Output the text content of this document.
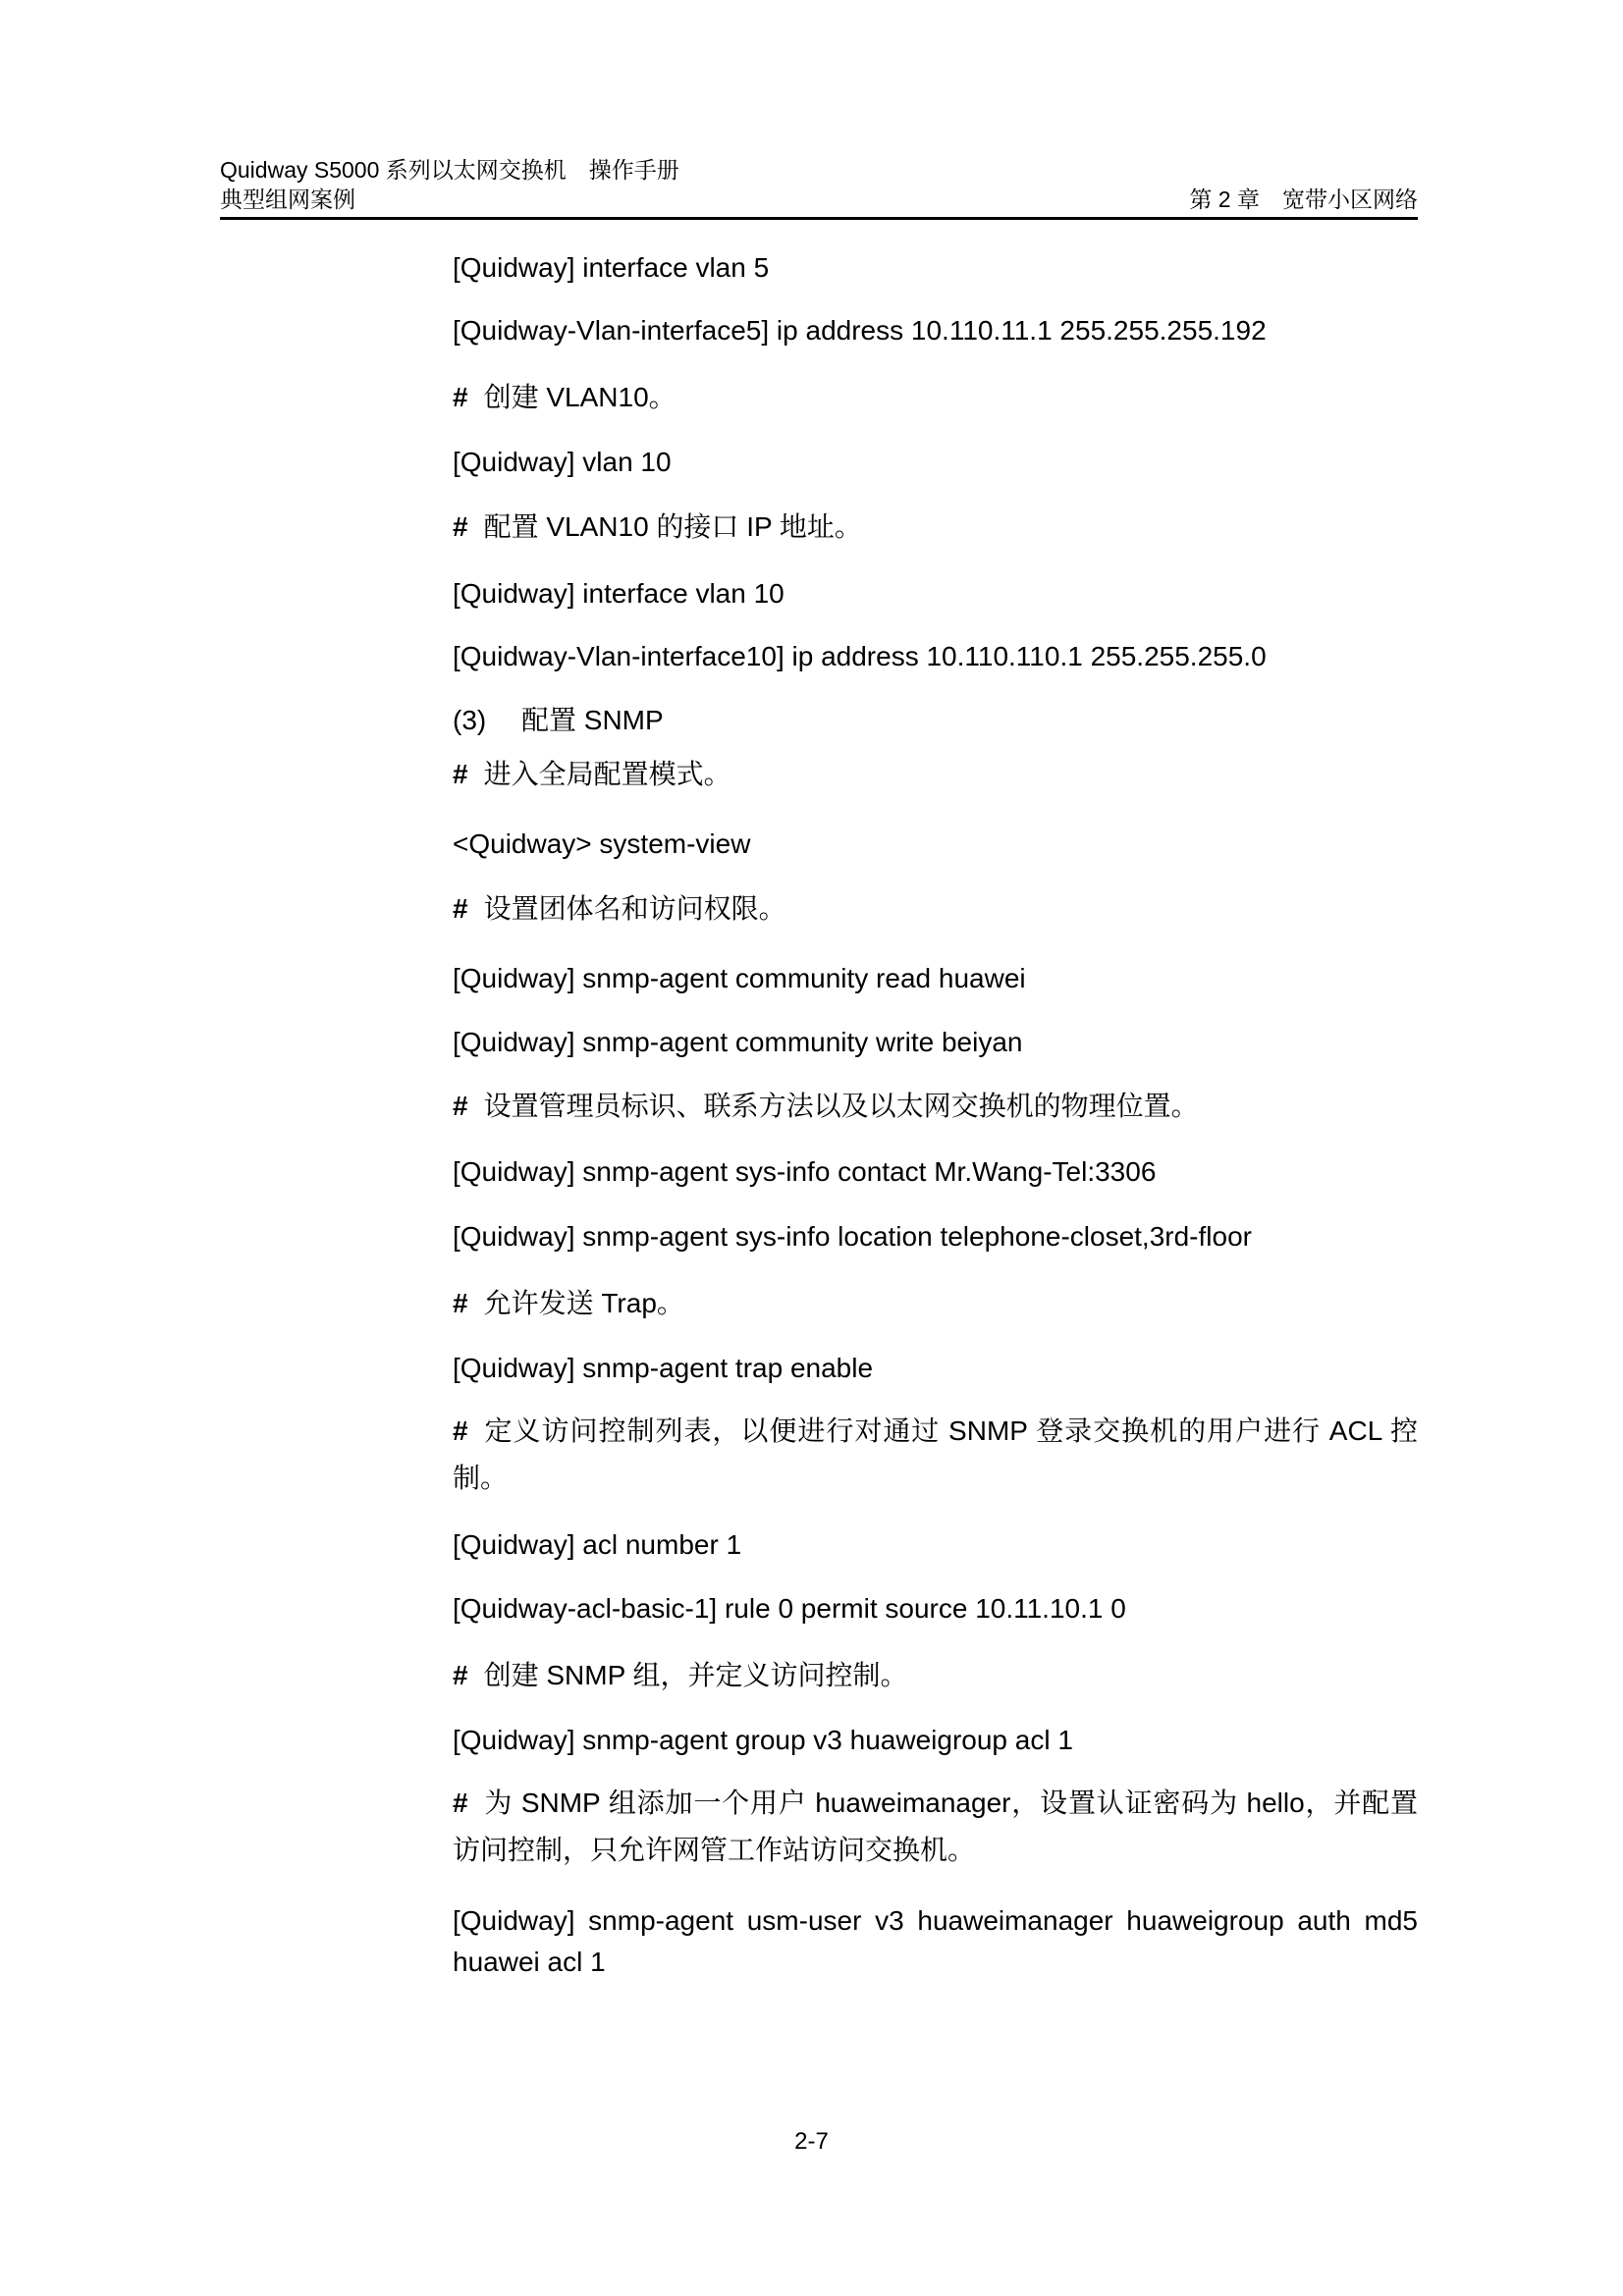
Quidway S5000 系列以太网交换机　操作手册
典型组网案例	第 2 章　宽带小区网络
[Quidway] interface vlan 5
[Quidway-Vlan-interface5] ip address 10.110.11.1 255.255.255.192
# 创建 VLAN10。
[Quidway] vlan 10
# 配置 VLAN10 的接口 IP 地址。
[Quidway] interface vlan 10
[Quidway-Vlan-interface10] ip address 10.110.110.1 255.255.255.0
(3) 配置 SNMP
# 进入全局配置模式。
<Quidway> system-view
# 设置团体名和访问权限。
[Quidway] snmp-agent community read huawei
[Quidway] snmp-agent community write beiyan
# 设置管理员标识、联系方法以及以太网交换机的物理位置。
[Quidway] snmp-agent sys-info contact Mr.Wang-Tel:3306
[Quidway] snmp-agent sys-info location telephone-closet,3rd-floor
# 允许发送 Trap。
[Quidway] snmp-agent trap enable
# 定义访问控制列表，以便进行对通过 SNMP 登录交换机的用户进行 ACL 控制。
[Quidway] acl number 1
[Quidway-acl-basic-1] rule 0 permit source 10.11.10.1 0
# 创建 SNMP 组，并定义访问控制。
[Quidway] snmp-agent group v3 huaweigroup acl 1
# 为 SNMP 组添加一个用户 huaweimanager，设置认证密码为 hello，并配置访问控制，只允许网管工作站访问交换机。
[Quidway] snmp-agent usm-user v3 huaweimanager huaweigroup auth md5 huawei acl 1
2-7
